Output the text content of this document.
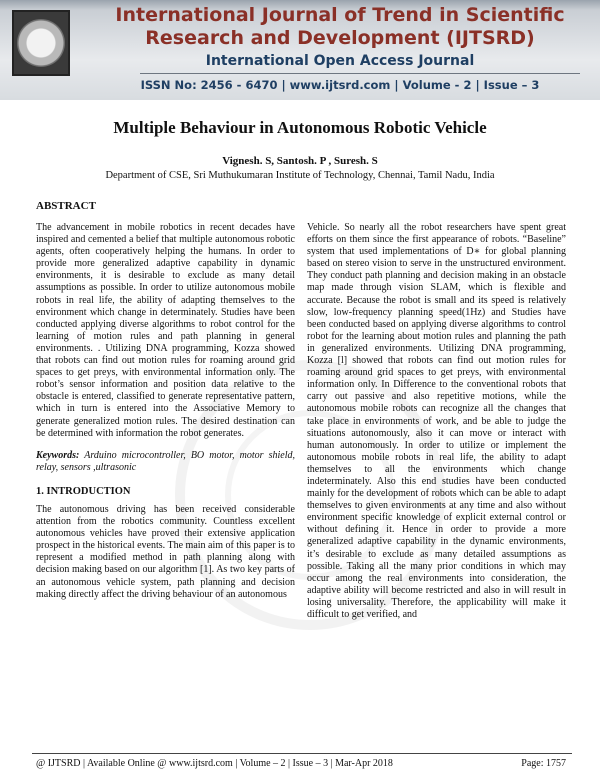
International Journal of Trend in Scientific
Research and Development (IJTSRD)
International Open Access Journal
ISSN No: 2456 - 6470 | www.ijtsrd.com | Volume - 2 | Issue – 3
Multiple Behaviour in Autonomous Robotic Vehicle
Vignesh. S, Santosh. P , Suresh. S
Department of CSE, Sri Muthukumaran Institute of Technology, Chennai, Tamil Nadu, India
ABSTRACT

The advancement in mobile robotics in recent decades have inspired and cemented a belief that multiple autonomous robotic agents, often cooperatively helping the humans. In order to provide more generalized adaptive capability in dynamic environments, it is desirable to exclude as many detail assumptions as possible. In order to utilize autonomous mobile robots in real life, the ability of adapting themselves to the environment which change in determinately. Studies have been conducted applying diverse algorithms to robot control for the learning of motion rules and path planning in general environments. . Utilizing DNA programming, Kozza showed that robots can find out motion rules for roaming around grid spaces to get preys, with environmental information only. The robot’s sensor information and position data relative to the obstacle is entered, classified to generate representative pattern, which in turn is entered into the Associative Memory to generate generalized motion rules. The desired destination can be determined with information the robot generates.

Keywords: Arduino microcontroller, BO motor, motor shield, relay, sensors ,ultrasonic

1. INTRODUCTION

The autonomous driving has been received considerable attention from the robotics community. Countless excellent autonomous vehicles have proved their extensive application prospect in the historical events. The main aim of this paper is to represent a modified method in path planning along with decision making based on our algorithm [1]. As two key parts of an autonomous vehicle system, path planning and decision making directly affect the driving behaviour of an autonomous

Vehicle. So nearly all the robot researchers have spent great efforts on them since the first appearance of robots. “Baseline” system that used implementations of D∗ for global planning based on stereo vision to serve in the unstructured environment. They conduct path planning and decision making in an obstacle map made through vision SLAM, which is flexible and accurate. Because the robot is small and its speed is relatively slow, low-frequency planning speed(1Hz) and Studies have been conducted based on applying diverse algorithms to control robot for the learning about motion rules and planning the path in generalized environments. Utilizing DNA programming, Kozza [l] showed that robots can find out motion rules for roaming around grid spaces to get preys, with environmental information only. In Difference to the conventional robots that carry out passive and also repetitive motions, while the autonomous mobile robots can recognize all the changes that take place in environments of work, and be able to judge the situations autonomously, also it can move or interact with human autonomously. In order to utilize or implement the autonomous mobile robots in real life, the ability to adapt themselves to all the environments which change indeterminately. Also this end studies have been conducted mainly for the development of robots which can be able to adapt themselves to given environments at any time and also without environment specific knowledge of explicit external control or without defining it. Hence in order to provide a more generalized adaptive capability in the dynamic environments, it’s desirable to exclude as many detailed assumptions as possible. Taking all the many prior conditions in which may occur among the real environments into consideration, the adaptive ability will become restricted and also in will result in losing universality. Therefore, the applicability will make it difficult to get verified, and

@ IJTSRD | Available Online @ www.ijtsrd.com | Volume – 2 | Issue – 3 | Mar-Apr 2018	Page: 1757
